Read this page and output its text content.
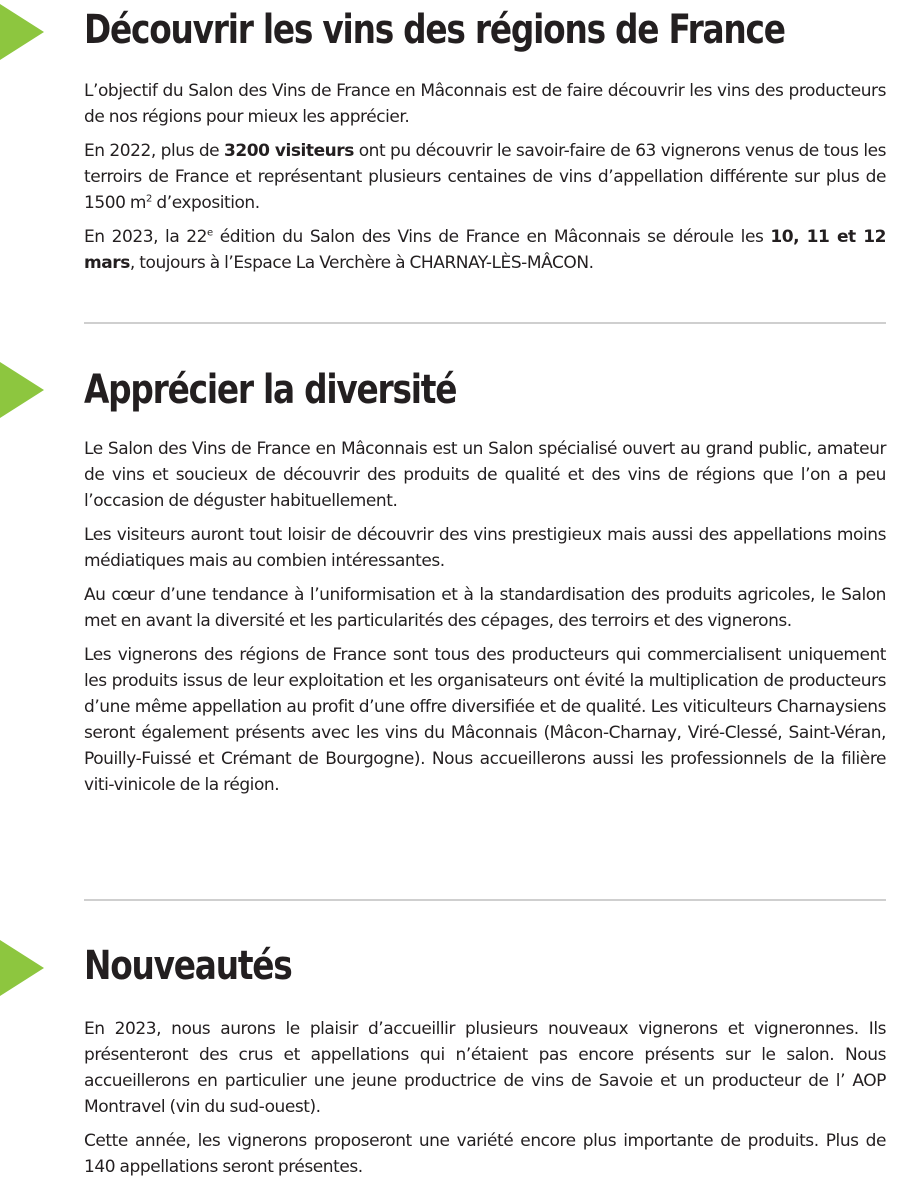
Découvrir les vins des régions de France

L’objectif du Salon des Vins de France en Mâconnais est de faire découvrir les vins des producteurs de nos régions pour mieux les apprécier.

En 2022, plus de 3200 visiteurs ont pu découvrir le savoir-faire de 63 vignerons venus de tous les terroirs de France et représentant plusieurs centaines de vins d’appellation différente sur plus de 1500 $m^2$ d’exposition.

En 2023, la 22e édition du Salon des Vins de France en Mâconnais se déroule les 10, 11 et 12 mars, toujours à l’Espace La Verchère à CHARNAY-LÈS-MÂCON.

Apprécier la diversité

Le Salon des Vins de France en Mâconnais est un Salon spécialisé ouvert au grand public, amateur de vins et soucieux de découvrir des produits de qualité et des vins de régions que l’on a peu l’occasion de déguster habituellement.

Les visiteurs auront tout loisir de découvrir des vins prestigieux mais aussi des appellations moins médiatiques mais au combien intéressantes.

Au cœur d’une tendance à l’uniformisation et à la standardisation des produits agricoles, le Salon met en avant la diversité et les particularités des cépages, des terroirs et des vignerons.

Les vignerons des régions de France sont tous des producteurs qui commercialisent uniquement les produits issus de leur exploitation et les organisateurs ont évité la multiplication de producteurs d’une même appellation au profit d’une offre diversifiée et de qualité. Les viticulteurs Charnaysiens seront également présents avec les vins du Mâconnais (Mâcon-Charnay, Viré-Clessé, Saint-Véran, Pouilly-Fuissé et Crémant de Bourgogne). Nous accueillerons aussi les professionnels de la filière viti-vinicole de la région.

Nouveautés

En 2023, nous aurons le plaisir d’accueillir plusieurs nouveaux vignerons et vigneronnes. Ils présenteront des crus et appellations qui n’étaient pas encore présents sur le salon. Nous accueillerons en particulier une jeune productrice de vins de Savoie et un producteur de l’ AOP Montravel (vin du sud-ouest).

Cette année, les vignerons proposeront une variété encore plus importante de produits. Plus de 140 appellations seront présentes.
